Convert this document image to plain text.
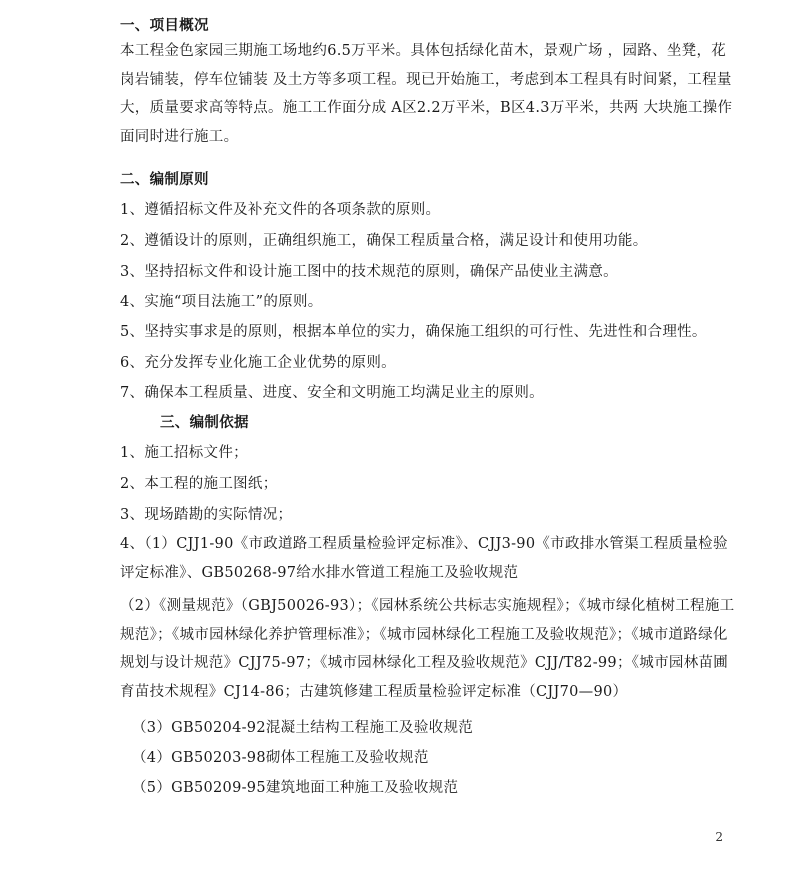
一、项目概况
本工程金色家园三期施工场地约6.5万平米。具体包括绿化苗木，景观广场 ，园路、坐凳，花岗岩铺装，停车位铺装 及土方等多项工程。现已开始施工，考虑到本工程具有时间紧，工程量大，质量要求高等特点。施工工作面分成 A区2.2万平米，B区4.3万平米，共两 大块施工操作面同时进行施工。
二、编制原则
1、遵循招标文件及补充文件的各项条款的原则。
2、遵循设计的原则，正确组织施工，确保工程质量合格，满足设计和使用功能。
3、坚持招标文件和设计施工图中的技术规范的原则，确保产品使业主满意。
4、实施“项目法施工”的原则。
5、坚持实事求是的原则，根据本单位的实力，确保施工组织的可行性、先进性和合理性。
6、充分发挥专业化施工企业优势的原则。
7、确保本工程质量、进度、安全和文明施工均满足业主的原则。
三、编制依据
1、施工招标文件；
2、本工程的施工图纸；
3、现场踏勘的实际情况；
4、（1）CJJ1-90《市政道路工程质量检验评定标准》、CJJ3-90《市政排水管渠工程质量检验评定标准》、GB50268-97给水排水管道工程施工及验收规范
（2）《测量规范》（GBJ50026-93）；《园林系统公共标志实施规程》；《城市绿化植树工程施工规范》；《城市园林绿化养护管理标准》；《城市园林绿化工程施工及验收规范》；《城市道路绿化规划与设计规范》CJJ75-97；《城市园林绿化工程及验收规范》CJJ/T82-99；《城市园林苗圃育苗技术规程》CJ14-86；古建筑修建工程质量检验评定标准（CJJ70—90）
（3）GB50204-92混凝土结构工程施工及验收规范
（4）GB50203-98砌体工程施工及验收规范
（5）GB50209-95建筑地面工种施工及验收规范
2
